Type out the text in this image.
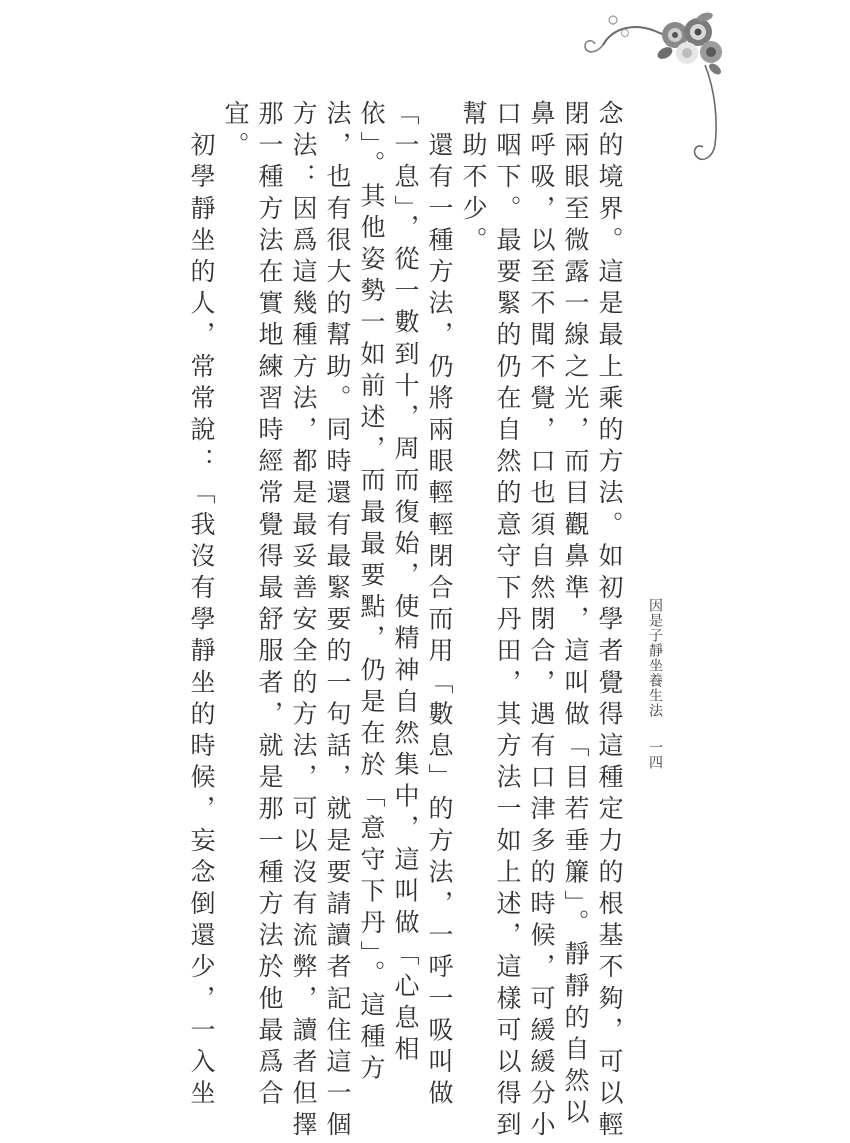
念的境界。這是最上乘的方法。如初學者覺得這種定力的根基不夠，可以輕
閉兩眼至微露一線之光，而目觀鼻準，這叫做「目若垂簾」。靜靜的自然以
鼻呼吸，以至不聞不覺，口也須自然閉合，遇有口津多的時候，可緩緩分小
口咽下。最要緊的仍在自然的意守下丹田，其方法一如上述，這樣可以得到
幫助不少。
　還有一種方法，仍將兩眼輕輕閉合而用「數息」的方法，一呼一吸叫做
「一息」，從一數到十，周而復始，使精神自然集中，這叫做「心息相
依」。其他姿勢一如前述，而最最要點，仍是在於「意守下丹」。這種方
法，也有很大的幫助。同時還有最緊要的一句話，就是要請讀者記住這一個
方法：因爲這幾種方法，都是最妥善安全的方法，可以沒有流弊，讀者但擇
那一種方法在實地練習時經常覺得最舒服者，就是那一種方法於他最爲合
宜。
　初學靜坐的人，常常說：「我沒有學靜坐的時候，妄念倒還少，一入坐	因是子靜坐養生法一四
